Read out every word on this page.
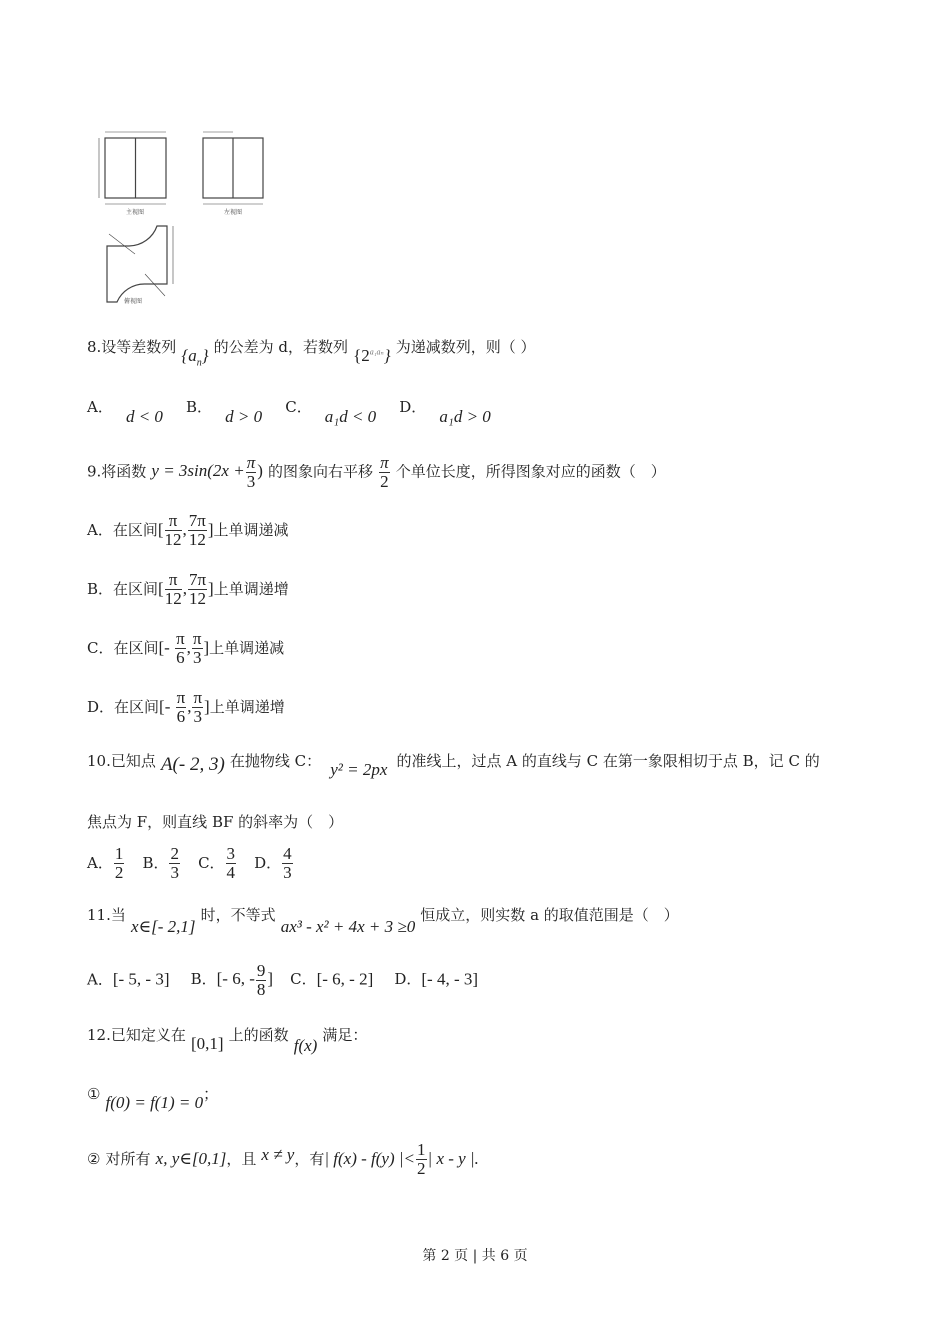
主视图	左视图
俯视图
8.设等差数列 $\{a_n\}$ 的公差为 d，若数列 $\{2^{a_1a_n}\}$ 为递减数列，则（ ）
A． d < 0 B． d > 0 C． a₁d < 0 D． a₁d > 0
9.将函数 $y = 3\sin(2x + \frac{\pi}{3}$ ) 的图象向右平移 $\frac{\pi}{2}$ 个单位长度，所得图象对应的函数（　）
A．在区间[ $\frac{\pi}{12}$ , $\frac{7\pi}{12}$ ]上单调递减
B．在区间[ $\frac{\pi}{12}$ , $\frac{7\pi}{12}$ ]上单调递增
C．在区间[- $\frac{\pi}{6}$ , $\frac{\pi}{3}$ ]上单调递减
D．在区间[- $\frac{\pi}{6}$ , $\frac{\pi}{3}$ ]上单调递增
10.已知点 A(- 2, 3) 在抛物线 C： y² = 2px 的准线上，过点 A 的直线与 C 在第一象限相切于点 B，记 C 的
焦点为 F，则直线 BF 的斜率为（　）
A． $\frac{1}{2}$ B． $\frac{2}{3}$ C． $\frac{3}{4}$ D． $\frac{4}{3}$
11.当 x∈[- 2,1] 时，不等式 ax³ - x² + 4x + 3 ≥0 恒成立，则实数 a 的取值范围是（　）
A．[- 5, - 3] B．[- 6, - $\frac{9}{8}$ ] C．[- 6, - 2] D．[- 4, - 3]
12.已知定义在 [0,1] 上的函数 f(x) 满足：
① f(0) = f(1) = 0；
② 对所有 x, y∈[0,1]，且 x ≠ y，有| f(x) - f(y) |< $\frac{1}{2}$ | x - y |.
第 2 页 | 共 6 页
